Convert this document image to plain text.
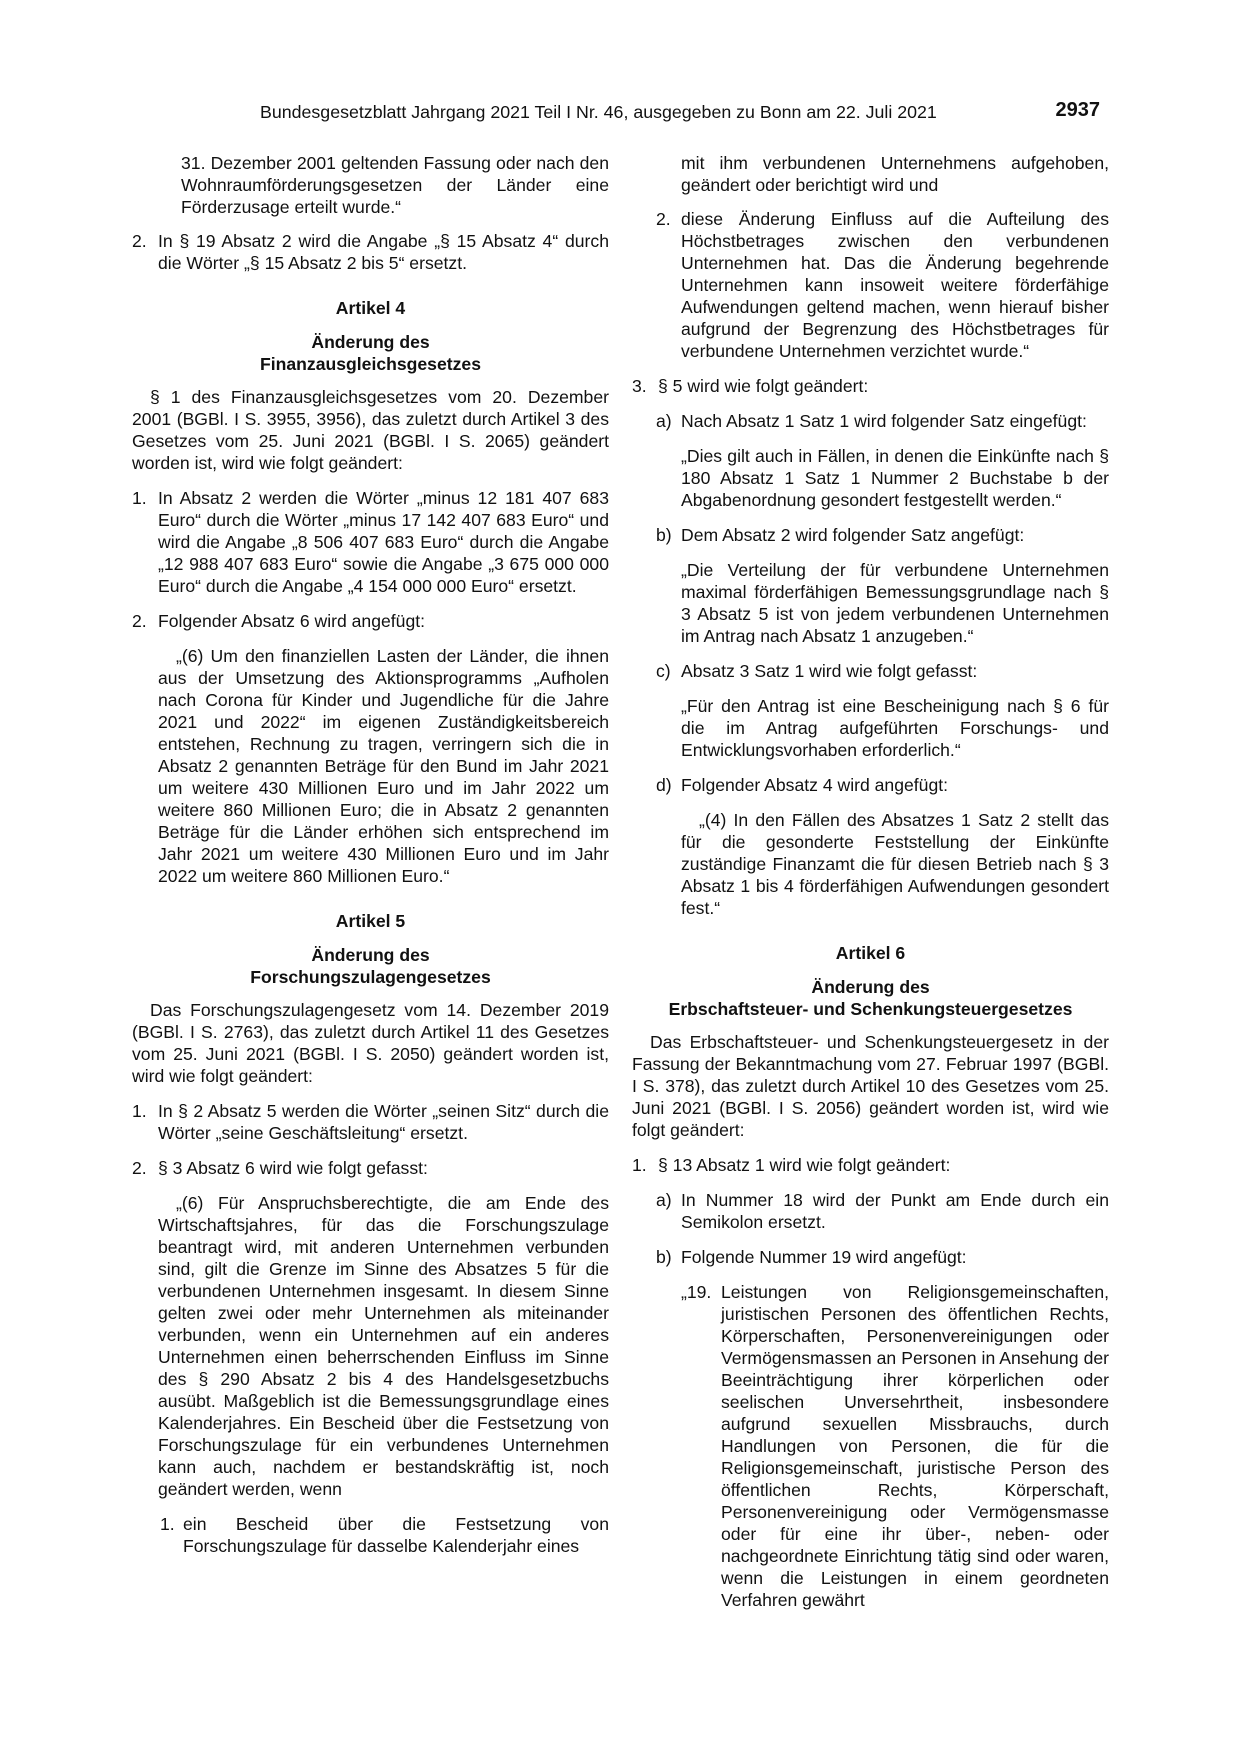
Bundesgesetzblatt Jahrgang 2021 Teil I Nr. 46, ausgegeben zu Bonn am 22. Juli 2021	2937

31. Dezember 2001 geltenden Fassung oder nach den Wohnraumförderungsgesetzen der Länder eine Förderzusage erteilt wurde.“

2. In § 19 Absatz 2 wird die Angabe „§ 15 Absatz 4“ durch die Wörter „§ 15 Absatz 2 bis 5“ ersetzt.

Artikel 4
Änderung des
Finanzausgleichsgesetzes

§ 1 des Finanzausgleichsgesetzes vom 20. Dezember 2001 (BGBl. I S. 3955, 3956), das zuletzt durch Artikel 3 des Gesetzes vom 25. Juni 2021 (BGBl. I S. 2065) geändert worden ist, wird wie folgt geändert:

1. In Absatz 2 werden die Wörter „minus 12 181 407 683 Euro“ durch die Wörter „minus 17 142 407 683 Euro“ und wird die Angabe „8 506 407 683 Euro“ durch die Angabe „12 988 407 683 Euro“ sowie die Angabe „3 675 000 000 Euro“ durch die Angabe „4 154 000 000 Euro“ ersetzt.

2. Folgender Absatz 6 wird angefügt:

„(6) Um den finanziellen Lasten der Länder, die ihnen aus der Umsetzung des Aktionsprogramms „Aufholen nach Corona für Kinder und Jugendliche für die Jahre 2021 und 2022“ im eigenen Zuständigkeitsbereich entstehen, Rechnung zu tragen, verringern sich die in Absatz 2 genannten Beträge für den Bund im Jahr 2021 um weitere 430 Millionen Euro und im Jahr 2022 um weitere 860 Millionen Euro; die in Absatz 2 genannten Beträge für die Länder erhöhen sich entsprechend im Jahr 2021 um weitere 430 Millionen Euro und im Jahr 2022 um weitere 860 Millionen Euro.“

Artikel 5
Änderung des
Forschungszulagengesetzes

Das Forschungszulagengesetz vom 14. Dezember 2019 (BGBl. I S. 2763), das zuletzt durch Artikel 11 des Gesetzes vom 25. Juni 2021 (BGBl. I S. 2050) geändert worden ist, wird wie folgt geändert:

1. In § 2 Absatz 5 werden die Wörter „seinen Sitz“ durch die Wörter „seine Geschäftsleitung“ ersetzt.

2. § 3 Absatz 6 wird wie folgt gefasst:

„(6) Für Anspruchsberechtigte, die am Ende des Wirtschaftsjahres, für das die Forschungszulage beantragt wird, mit anderen Unternehmen verbunden sind, gilt die Grenze im Sinne des Absatzes 5 für die verbundenen Unternehmen insgesamt. In diesem Sinne gelten zwei oder mehr Unternehmen als miteinander verbunden, wenn ein Unternehmen auf ein anderes Unternehmen einen beherrschenden Einfluss im Sinne des § 290 Absatz 2 bis 4 des Handelsgesetzbuchs ausübt. Maßgeblich ist die Bemessungsgrundlage eines Kalenderjahres. Ein Bescheid über die Festsetzung von Forschungszulage für ein verbundenes Unternehmen kann auch, nachdem er bestandskräftig ist, noch geändert werden, wenn

1. ein Bescheid über die Festsetzung von Forschungszulage für dasselbe Kalenderjahr eines

mit ihm verbundenen Unternehmens aufgehoben, geändert oder berichtigt wird und

2. diese Änderung Einfluss auf die Aufteilung des Höchstbetrages zwischen den verbundenen Unternehmen hat. Das die Änderung begehrende Unternehmen kann insoweit weitere förderfähige Aufwendungen geltend machen, wenn hierauf bisher aufgrund der Begrenzung des Höchstbetrages für verbundene Unternehmen verzichtet wurde.“

3. § 5 wird wie folgt geändert:

a) Nach Absatz 1 Satz 1 wird folgender Satz eingefügt:

„Dies gilt auch in Fällen, in denen die Einkünfte nach § 180 Absatz 1 Satz 1 Nummer 2 Buchstabe b der Abgabenordnung gesondert festgestellt werden.“

b) Dem Absatz 2 wird folgender Satz angefügt:

„Die Verteilung der für verbundene Unternehmen maximal förderfähigen Bemessungsgrundlage nach § 3 Absatz 5 ist von jedem verbundenen Unternehmen im Antrag nach Absatz 1 anzugeben.“

c) Absatz 3 Satz 1 wird wie folgt gefasst:

„Für den Antrag ist eine Bescheinigung nach § 6 für die im Antrag aufgeführten Forschungs- und Entwicklungsvorhaben erforderlich.“

d) Folgender Absatz 4 wird angefügt:

„(4) In den Fällen des Absatzes 1 Satz 2 stellt das für die gesonderte Feststellung der Einkünfte zuständige Finanzamt die für diesen Betrieb nach § 3 Absatz 1 bis 4 förderfähigen Aufwendungen gesondert fest.“

Artikel 6
Änderung des
Erbschaftsteuer- und Schenkungsteuergesetzes

Das Erbschaftsteuer- und Schenkungsteuergesetz in der Fassung der Bekanntmachung vom 27. Februar 1997 (BGBl. I S. 378), das zuletzt durch Artikel 10 des Gesetzes vom 25. Juni 2021 (BGBl. I S. 2056) geändert worden ist, wird wie folgt geändert:

1. § 13 Absatz 1 wird wie folgt geändert:

a) In Nummer 18 wird der Punkt am Ende durch ein Semikolon ersetzt.

b) Folgende Nummer 19 wird angefügt:

„19. Leistungen von Religionsgemeinschaften, juristischen Personen des öffentlichen Rechts, Körperschaften, Personenvereinigungen oder Vermögensmassen an Personen in Ansehung der Beeinträchtigung ihrer körperlichen oder seelischen Unversehrtheit, insbesondere aufgrund sexuellen Missbrauchs, durch Handlungen von Personen, die für die Religionsgemeinschaft, juristische Person des öffentlichen Rechts, Körperschaft, Personenvereinigung oder Vermögensmasse oder für eine ihr über-, neben- oder nachgeordnete Einrichtung tätig sind oder waren, wenn die Leistungen in einem geordneten Verfahren gewährt
